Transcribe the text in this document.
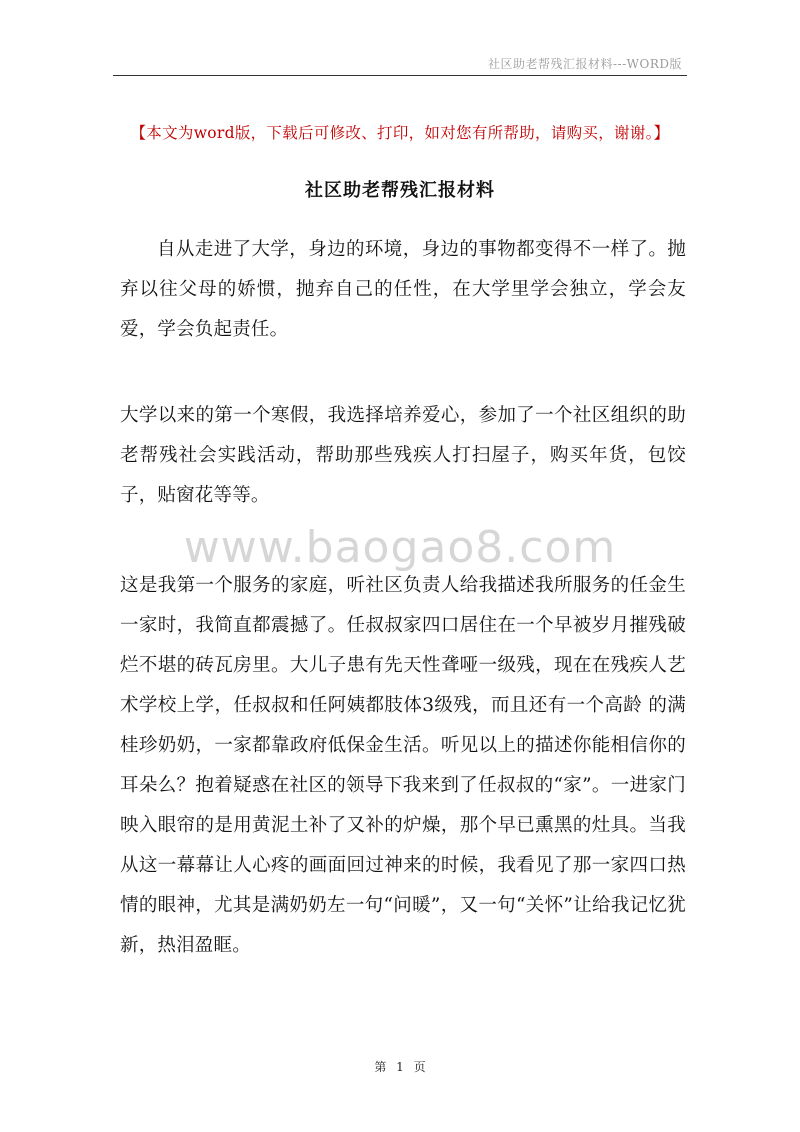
社区助老帮残汇报材料---WORD版
【本文为word版，下载后可修改、打印，如对您有所帮助，请购买，谢谢。】
社区助老帮残汇报材料

自从走进了大学，身边的环境，身边的事物都变得不一样了。抛弃以往父母的娇惯，抛弃自己的任性，在大学里学会独立，学会友爱，学会负起责任。

大学以来的第一个寒假，我选择培养爱心，参加了一个社区组织的助老帮残社会实践活动，帮助那些残疾人打扫屋子，购买年货，包饺子，贴窗花等等。

www.baogao8.com

这是我第一个服务的家庭，听社区负责人给我描述我所服务的任金生一家时，我简直都震撼了。任叔叔家四口居住在一个早被岁月摧残破烂不堪的砖瓦房里。大儿子患有先天性聋哑一级残，现在在残疾人艺术学校上学，任叔叔和任阿姨都肢体3级残，而且还有一个高龄 的满桂珍奶奶，一家都靠政府低保金生活。听见以上的描述你能相信你的耳朵么？抱着疑惑在社区的领导下我来到了任叔叔的“家”。一进家门映入眼帘的是用黄泥土补了又补的炉燥，那个早已熏黑的灶具。当我从这一幕幕让人心疼的画面回过神来的时候，我看见了那一家四口热情的眼神，尤其是满奶奶左一句“问暖”，又一句“关怀”让给我记忆犹新，热泪盈眶。

第 1 页
